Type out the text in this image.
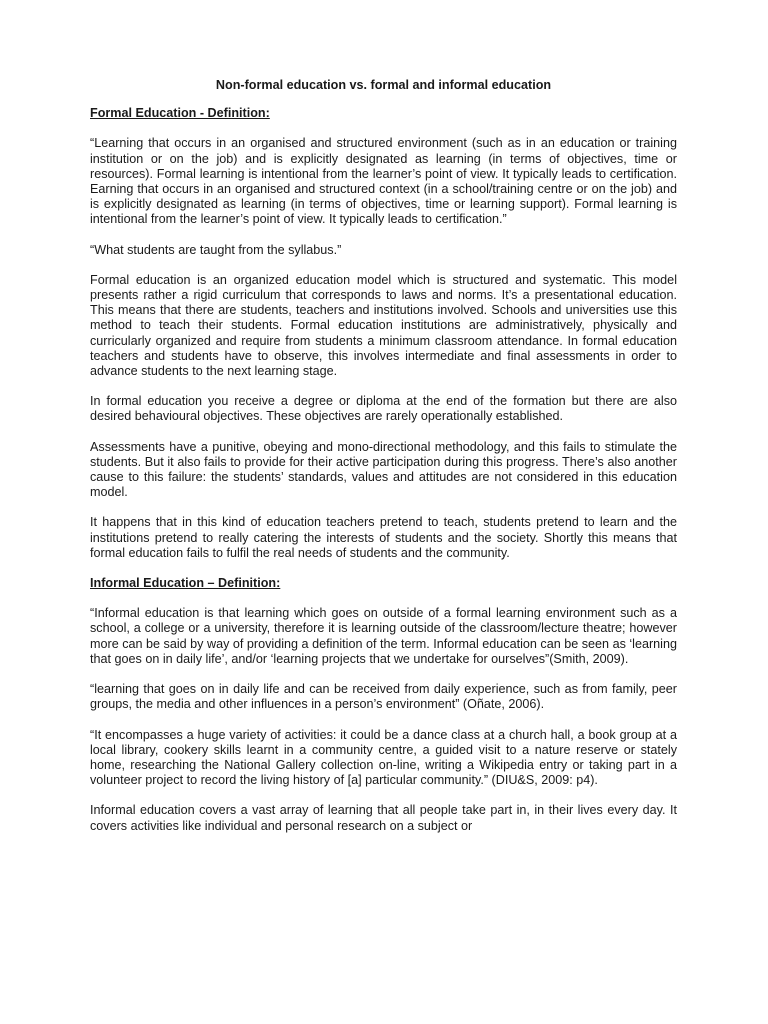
Non-formal education vs. formal and informal education
Formal Education - Definition:

“Learning that occurs in an organised and structured environment (such as in an education or training institution or on the job) and is explicitly designated as learning (in terms of objectives, time or resources). Formal learning is intentional from the learner’s point of view. It typically leads to certification. Earning that occurs in an organised and structured context (in a school/training centre or on the job) and is explicitly designated as learning (in terms of objectives, time or learning support). Formal learning is intentional from the learner’s point of view. It typically leads to certification.”

“What students are taught from the syllabus.”

Formal education is an organized education model which is structured and systematic. This model presents rather a rigid curriculum that corresponds to laws and norms. It’s a presentational education. This means that there are students, teachers and institutions involved. Schools and universities use this method to teach their students. Formal education institutions are administratively, physically and curricularly organized and require from students a minimum classroom attendance. In formal education teachers and students have to observe, this involves intermediate and final assessments in order to advance students to the next learning stage.

In formal education you receive a degree or diploma at the end of the formation but there are also desired behavioural objectives. These objectives are rarely operationally established.

Assessments have a punitive, obeying and mono-directional methodology, and this fails to stimulate the students. But it also fails to provide for their active participation during this progress. There’s also another cause to this failure: the students’ standards, values and attitudes are not considered in this education model.

It happens that in this kind of education teachers pretend to teach, students pretend to learn and the institutions pretend to really catering the interests of students and the society. Shortly this means that formal education fails to fulfil the real needs of students and the community.

Informal Education – Definition:

“Informal education is that learning which goes on outside of a formal learning environment such as a school, a college or a university, therefore it is learning outside of the classroom/lecture theatre; however more can be said by way of providing a definition of the term. Informal education can be seen as ‘learning that goes on in daily life’, and/or ‘learning projects that we undertake for ourselves”(Smith, 2009).

“learning that goes on in daily life and can be received from daily experience, such as from family, peer groups, the media and other influences in a person’s environment” (Oñate, 2006).

“It encompasses a huge variety of activities: it could be a dance class at a church hall, a book group at a local library, cookery skills learnt in a community centre, a guided visit to a nature reserve or stately home, researching the National Gallery collection on-line, writing a Wikipedia entry or taking part in a volunteer project to record the living history of [a] particular community.” (DIU&S, 2009: p4).

Informal education covers a vast array of learning that all people take part in, in their lives every day. It covers activities like individual and personal research on a subject or
